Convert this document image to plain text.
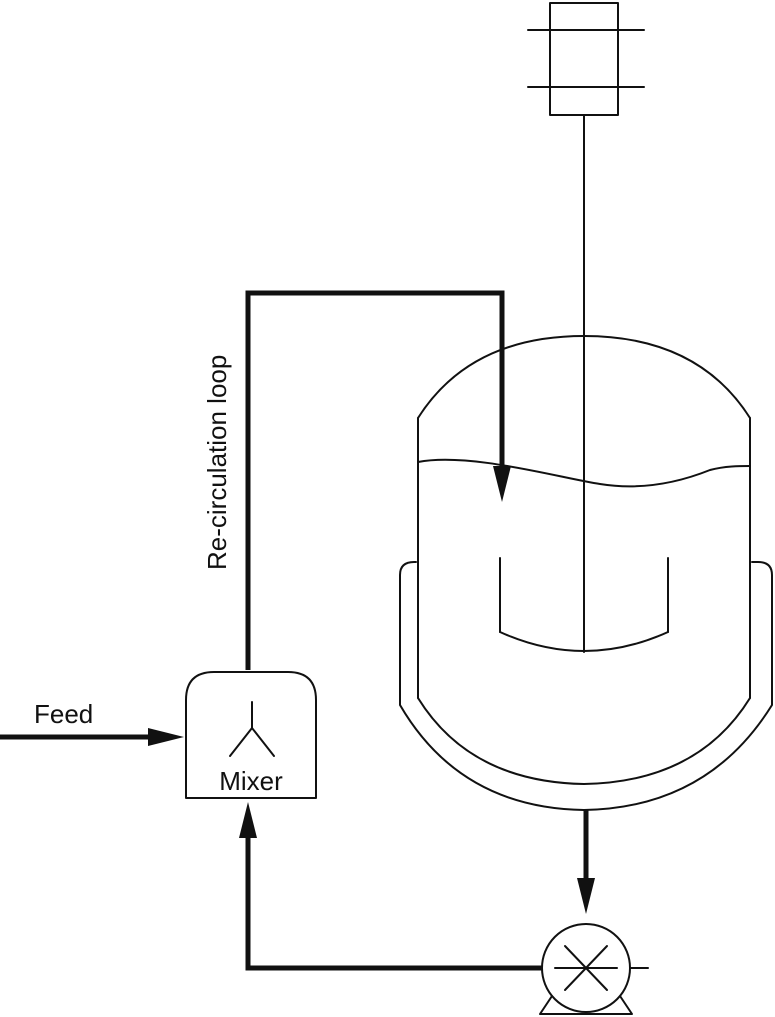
Re-circulation loop
Mixer
Feed
